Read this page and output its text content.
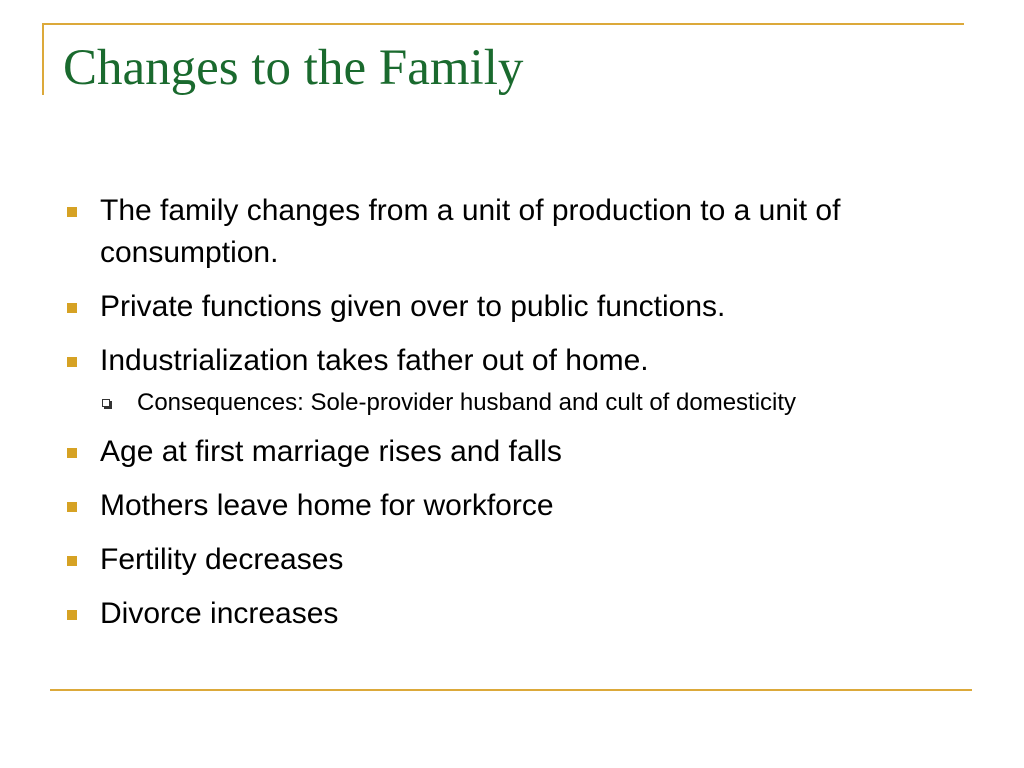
Changes to the Family
The family changes from a unit of production to a unit of consumption.
Private functions given over to public functions.
Industrialization takes father out of home.
Consequences: Sole-provider husband and cult of domesticity
Age at first marriage rises and falls
Mothers leave home for workforce
Fertility decreases
Divorce increases
